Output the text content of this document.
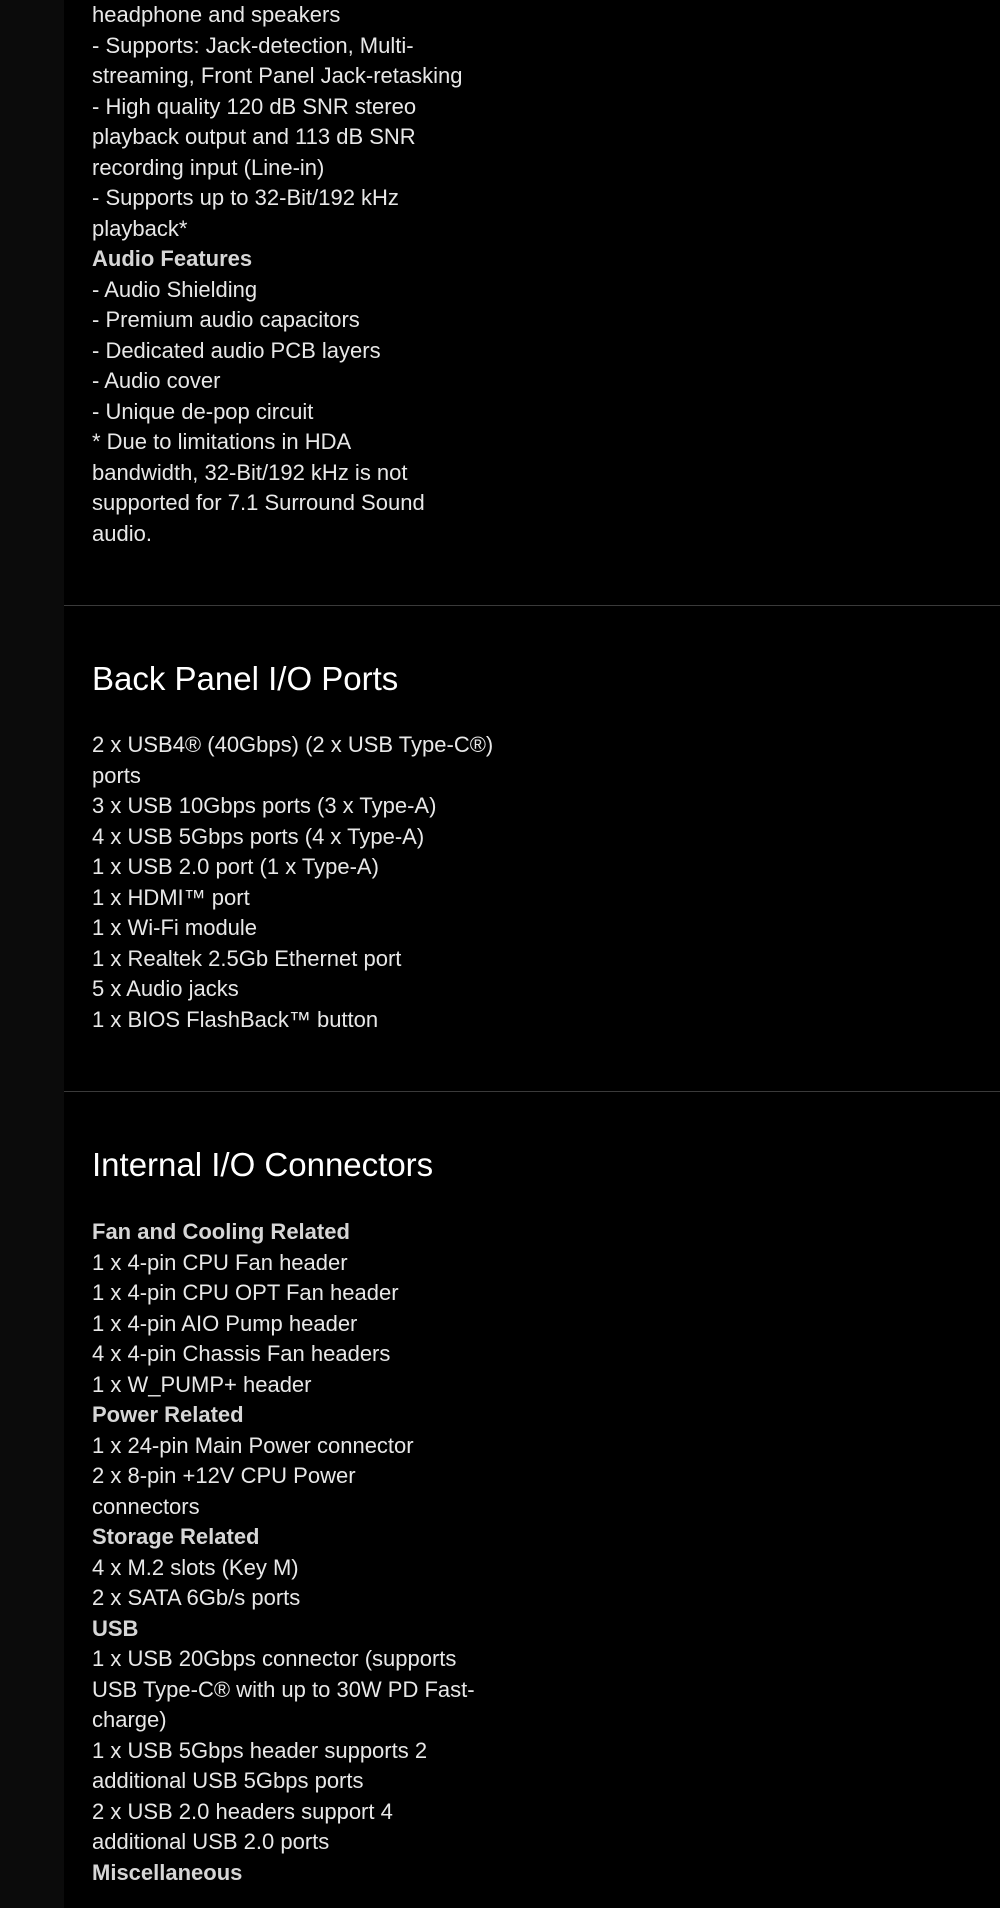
headphone and speakers
- Supports: Jack-detection, Multi-
streaming, Front Panel Jack-retasking
- High quality 120 dB SNR stereo
playback output and 113 dB SNR
recording input (Line-in)
- Supports up to 32-Bit/192 kHz
playback*
Audio Features
- Audio Shielding
- Premium audio capacitors
- Dedicated audio PCB layers
- Audio cover
- Unique de-pop circuit
* Due to limitations in HDA
bandwidth, 32-Bit/192 kHz is not
supported for 7.1 Surround Sound
audio.
Back Panel I/O Ports
2 x USB4® (40Gbps) (2 x USB Type-C®)
ports
3 x USB 10Gbps ports (3 x Type-A)
4 x USB 5Gbps ports (4 x Type-A)
1 x USB 2.0 port (1 x Type-A)
1 x HDMI™ port
1 x Wi-Fi module
1 x Realtek 2.5Gb Ethernet port
5 x Audio jacks
1 x BIOS FlashBack™ button
Internal I/O Connectors
Fan and Cooling Related
1 x 4-pin CPU Fan header
1 x 4-pin CPU OPT Fan header
1 x 4-pin AIO Pump header
4 x 4-pin Chassis Fan headers
1 x W_PUMP+ header
Power Related
1 x 24-pin Main Power connector
2 x 8-pin +12V CPU Power
connectors
Storage Related
4 x M.2 slots (Key M)
2 x SATA 6Gb/s ports
USB
1 x USB 20Gbps connector (supports
USB Type-C® with up to 30W PD Fast-
charge)
1 x USB 5Gbps header supports 2
additional USB 5Gbps ports
2 x USB 2.0 headers support 4
additional USB 2.0 ports
Miscellaneous
